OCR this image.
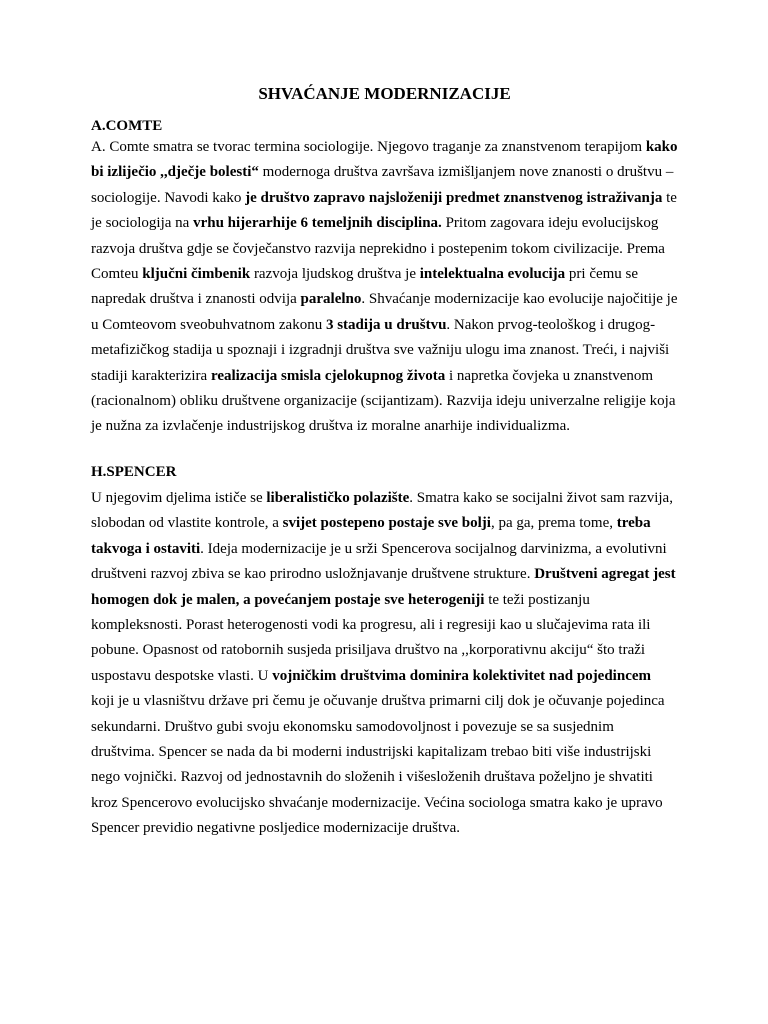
SHVAĆANJE MODERNIZACIJE
A.COMTE

A. Comte smatra se tvorac termina sociologije. Njegovo traganje za znanstvenom terapijom kako bi izliječio ,,dječje bolesti“ modernoga društva završava izmišljanjem nove znanosti o društvu – sociologije. Navodi kako je društvo zapravo najsloženiji predmet znanstvenog istraživanja te je sociologija na vrhu hijerarhije 6 temeljnih disciplina. Pritom zagovara ideju evolucijskog razvoja društva gdje se čovječanstvo razvija neprekidno i postepenim tokom civilizacije. Prema Comteu ključni čimbenik razvoja ljudskog društva je intelektualna evolucija pri čemu se napredak društva i znanosti odvija paralelno. Shvaćanje modernizacije kao evolucije najočitije je u Comteovom sveobuhvatnom zakonu 3 stadija u društvu. Nakon prvog-teološkog i drugog-metafizičkog stadija u spoznaji i izgradnji društva sve važniju ulogu ima znanost. Treći, i najviši stadiji karakterizira realizacija smisla cjelokupnog života i napretka čovjeka u znanstvenom (racionalnom) obliku društvene organizacije (scijantizam). Razvija ideju univerzalne religije koja je nužna za izvlačenje industrijskog društva iz moralne anarhije individualizma.

H.SPENCER

U njegovim djelima ističe se liberalističko polazište. Smatra kako se socijalni život sam razvija, slobodan od vlastite kontrole, a svijet postepeno postaje sve bolji, pa ga, prema tome, treba takvoga i ostaviti. Ideja modernizacije je u srži Spencerova socijalnog darvinizma, a evolutivni društveni razvoj zbiva se kao prirodno usložnjavanje društvene strukture. Društveni agregat jest homogen dok je malen, a povećanjem postaje sve heterogeniji te teži postizanju kompleksnosti. Porast heterogenosti vodi ka progresu, ali i regresiji kao u slučajevima rata ili pobune. Opasnost od ratobornih susjeda prisiljava društvo na ,,korporativnu akciju“ što traži uspostavu despotske vlasti. U vojničkim društvima dominira kolektivitet nad pojedincem koji je u vlasništvu države pri čemu je očuvanje društva primarni cilj dok je očuvanje pojedinca sekundarni. Društvo gubi svoju ekonomsku samodovoljnost i povezuje se sa susjednim društvima. Spencer se nada da bi moderni industrijski kapitalizam trebao biti više industrijski nego vojnički. Razvoj od jednostavnih do složenih i višesloženih društava poželjno je shvatiti kroz Spencerovo evolucijsko shvaćanje modernizacije. Većina sociologa smatra kako je upravo Spencer previdio negativne posljedice modernizacije društva.
